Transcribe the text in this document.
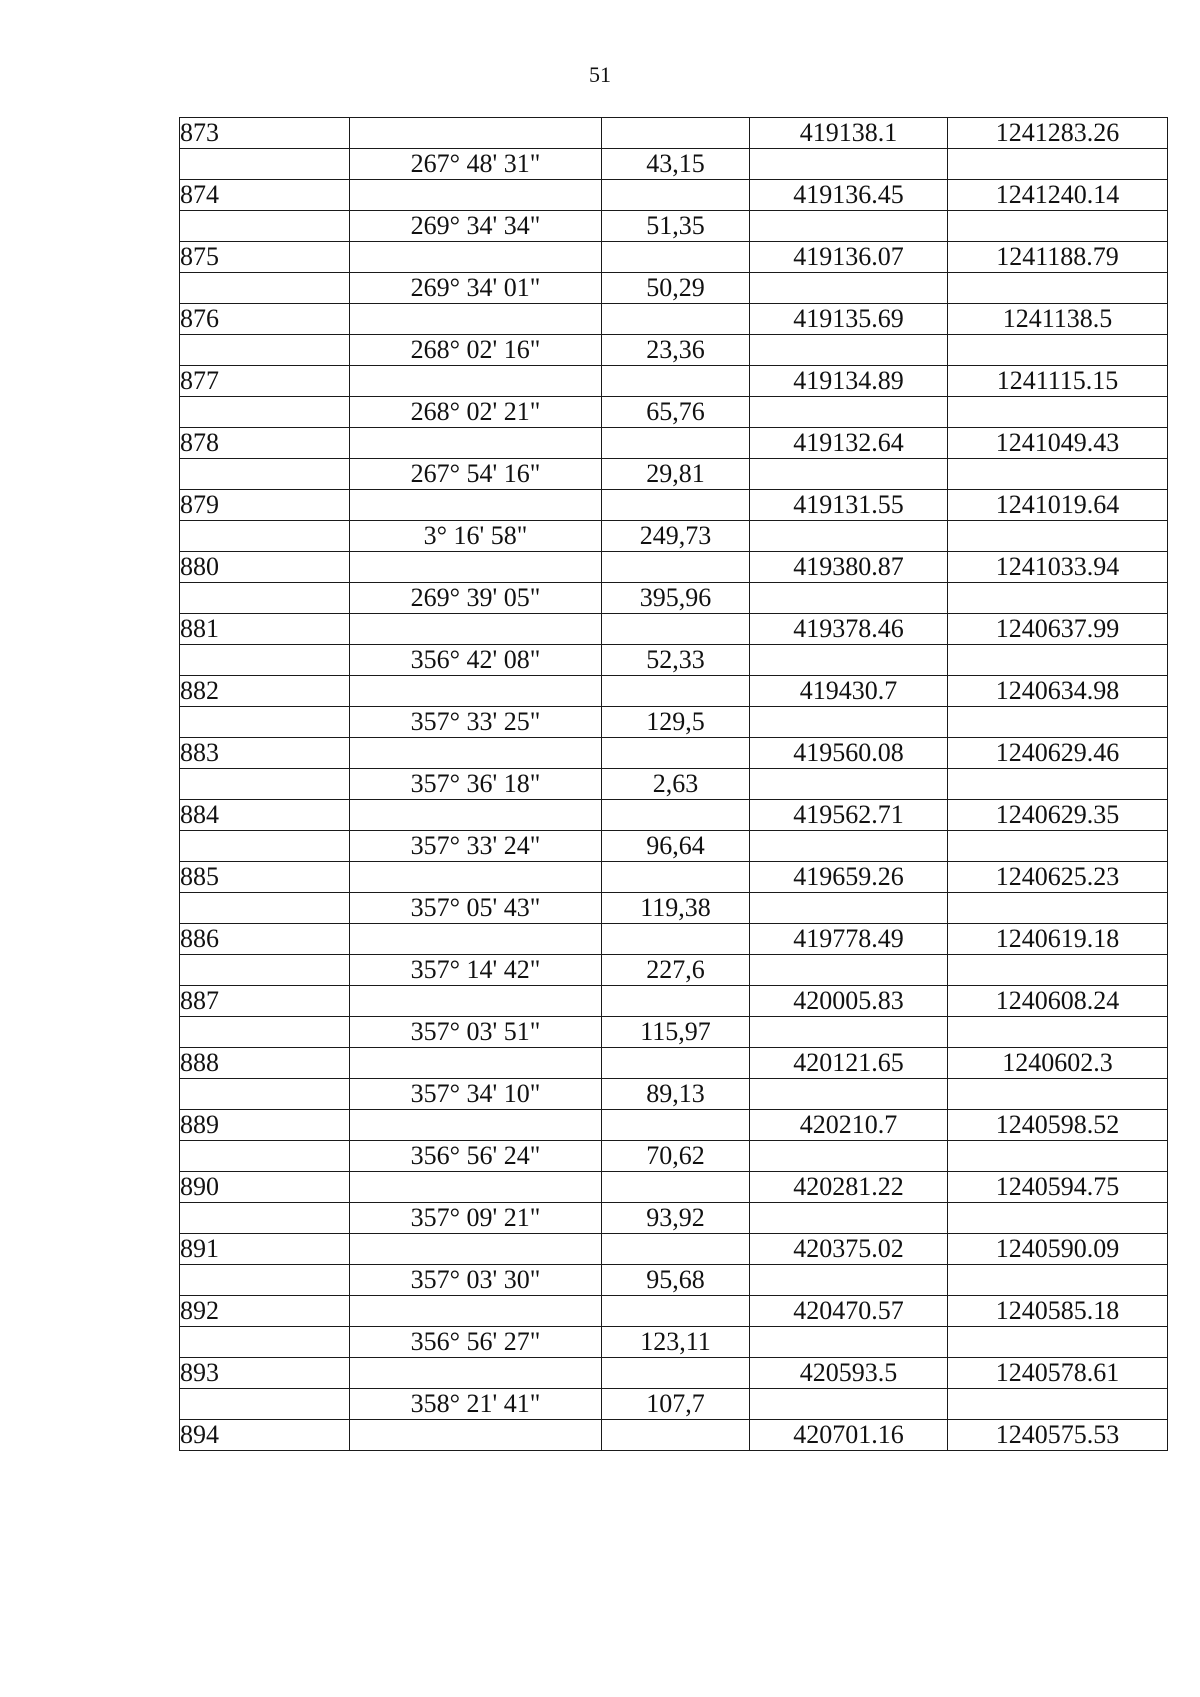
51
873			419138.1	1241283.26
	267° 48' 31"	43,15		
874			419136.45	1241240.14
	269° 34' 34"	51,35		
875			419136.07	1241188.79
	269° 34' 01"	50,29		
876			419135.69	1241138.5
	268° 02' 16"	23,36		
877			419134.89	1241115.15
	268° 02' 21"	65,76		
878			419132.64	1241049.43
	267° 54' 16"	29,81		
879			419131.55	1241019.64
	3° 16' 58"	249,73		
880			419380.87	1241033.94
	269° 39' 05"	395,96		
881			419378.46	1240637.99
	356° 42' 08"	52,33		
882			419430.7	1240634.98
	357° 33' 25"	129,5		
883			419560.08	1240629.46
	357° 36' 18"	2,63		
884			419562.71	1240629.35
	357° 33' 24"	96,64		
885			419659.26	1240625.23
	357° 05' 43"	119,38		
886			419778.49	1240619.18
	357° 14' 42"	227,6		
887			420005.83	1240608.24
	357° 03' 51"	115,97		
888			420121.65	1240602.3
	357° 34' 10"	89,13		
889			420210.7	1240598.52
	356° 56' 24"	70,62		
890			420281.22	1240594.75
	357° 09' 21"	93,92		
891			420375.02	1240590.09
	357° 03' 30"	95,68		
892			420470.57	1240585.18
	356° 56' 27"	123,11		
893			420593.5	1240578.61
	358° 21' 41"	107,7		
894			420701.16	1240575.53
